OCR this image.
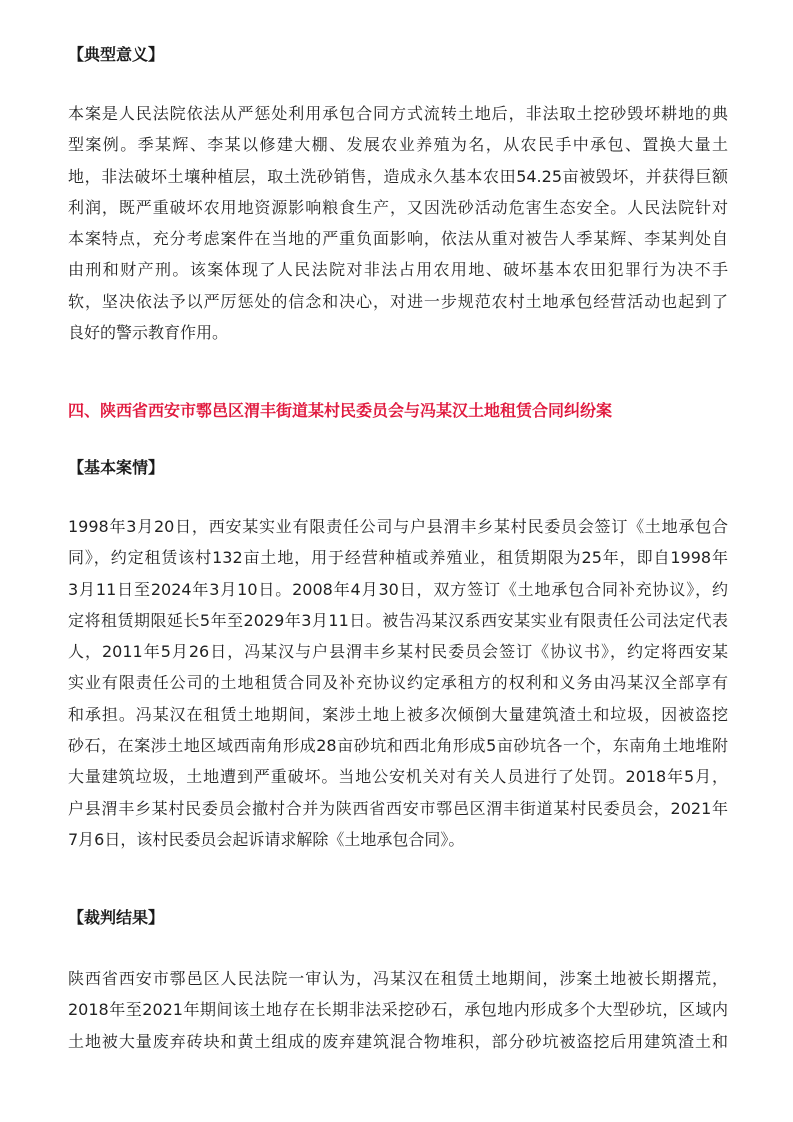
【典型意义】
本案是人民法院依法从严惩处利用承包合同方式流转土地后，非法取土挖砂毁坏耕地的典
型案例。季某辉、李某以修建大棚、发展农业养殖为名，从农民手中承包、置换大量土
地，非法破坏土壤种植层，取土洗砂销售，造成永久基本农田54.25亩被毁坏，并获得巨额
利润，既严重破坏农用地资源影响粮食生产，又因洗砂活动危害生态安全。人民法院针对
本案特点，充分考虑案件在当地的严重负面影响，依法从重对被告人季某辉、李某判处自
由刑和财产刑。该案体现了人民法院对非法占用农用地、破坏基本农田犯罪行为决不手
软，坚决依法予以严厉惩处的信念和决心，对进一步规范农村土地承包经营活动也起到了
良好的警示教育作用。
四、陕西省西安市鄠邑区渭丰街道某村民委员会与冯某汉土地租赁合同纠纷案
【基本案情】
1998年3月20日，西安某实业有限责任公司与户县渭丰乡某村民委员会签订《土地承包合
同》，约定租赁该村132亩土地，用于经营种植或养殖业，租赁期限为25年，即自1998年
3月11日至2024年3月10日。2008年4月30日，双方签订《土地承包合同补充协议》，约
定将租赁期限延长5年至2029年3月11日。被告冯某汉系西安某实业有限责任公司法定代表
人，2011年5月26日，冯某汉与户县渭丰乡某村民委员会签订《协议书》，约定将西安某
实业有限责任公司的土地租赁合同及补充协议约定承租方的权利和义务由冯某汉全部享有
和承担。冯某汉在租赁土地期间，案涉土地上被多次倾倒大量建筑渣土和垃圾，因被盗挖
砂石，在案涉土地区域西南角形成28亩砂坑和西北角形成5亩砂坑各一个，东南角土地堆附
大量建筑垃圾，土地遭到严重破坏。当地公安机关对有关人员进行了处罚。2018年5月，
户县渭丰乡某村民委员会撤村合并为陕西省西安市鄠邑区渭丰街道某村民委员会，2021年
7月6日，该村民委员会起诉请求解除《土地承包合同》。
【裁判结果】
陕西省西安市鄠邑区人民法院一审认为，冯某汉在租赁土地期间，涉案土地被长期撂荒，
2018年至2021年期间该土地存在长期非法采挖砂石，承包地内形成多个大型砂坑，区域内
土地被大量废弃砖块和黄土组成的废弃建筑混合物堆积，部分砂坑被盗挖后用建筑渣土和
